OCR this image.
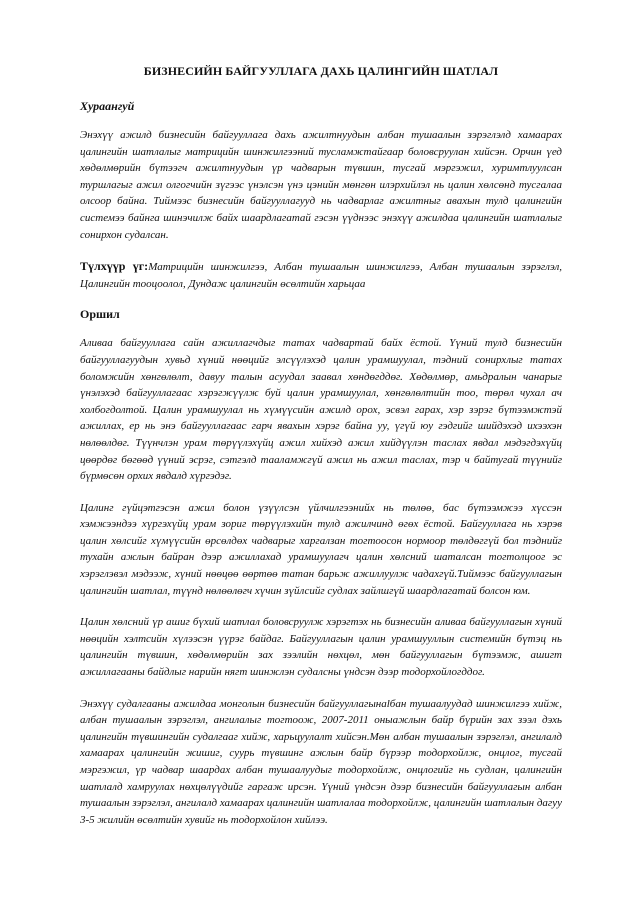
БИЗНЕСИЙН БАЙГУУЛЛАГА ДАХЬ ЦАЛИНГИЙН ШАТЛАЛ
Хураангуй

Энэхүү ажилд бизнесийн байгууллага дахь ажилтнуудын албан тушаалын зэрэглэлд хамаарах цалингийн шатлалыг матрицийн шинжилгээний тусламжтайгаар боловсруулан хийсэн. Орчин үед хөдөлмөрийн бүтээгч ажилтнуудын үр чадварын түвшин, тусгай мэргэжил, хуримтлуулсан туршлагыг ажил олгогчийн зүгээс үнэлсэн үнэ цэнийн мөнгөн илэрхийлэл нь цалин хөлсөнд тусгалаа олсоор байна. Тиймээс бизнесийн байгууллагууд нь чадварлаг ажилтныг авахын тулд цалингийн системээ байнга шинэчилж байх шаардлагатай гэсэн үүднээс энэхүү ажилдаа цалингийн шатлалыг сонирхон судалсан.

Түлхүүр үг:Матрицийн шинжилгээ, Албан тушаалын шинжилгээ, Албан тушаалын зэрэглэл, Цалингийн тооцоолол, Дундаж цалингийн өсөлтийн харьцаа

Оршил

Аливаа байгууллага сайн ажиллагчдыг татах чадвартай байх ёстой. Үүний тулд бизнесийн байгууллагуудын хувьд хүний нөөцийг элсүүлэхэд цалин урамшуулал, тэдний сонирхлыг татах боломжийн хөнгөлөлт, давуу талын асуудал заавал хөндөгддөг. Хөдөлмөр, амьдралын чанарыг үнэлэхэд байгууллагаас хэрэгжүүлж буй цалин урамшуулал, хөнгөлөлтийн тоо, төрөл чухал ач холбогдолтой. Цалин урамшуулал нь хүмүүсийн ажилд орох, эсвэл гарах, хэр зэрэг бүтээмжтэй ажиллах, ер нь энэ байгууллагаас гарч явахын хэрэг байна уу, үгүй юу гэдгийг шийдэхэд ихээхэн нөлөөлдөг. Түүнчлэн урам төрүүлэхүйц ажил хийхэд ажил хийдүүлэн таслах явдал мэдэгдэхүйц цөөрдөг бөгөөд үүний эсрэг, сэтгэлд тааламжгүй ажил нь ажил таслах, тэр ч байтугай түүнийг бүрмөсөн орхих явдалд хүргэдэг.

Цалинг гүйцэтгэсэн ажил болон үзүүлсэн үйлчилгээнийх нь төлөө, бас бүтээмжээ хүссэн хэмжээндээ хүргэхүйц урам зориг төрүүлэхийн тулд ажилчинд өгөх ёстой. Байгууллага нь хэрэв цалин хөлсийг хүмүүсийн өрсөлдөх чадварыг харгалзан тогтоосон нормоор төлдөггүй бол тэднийг тухайн ажлын байран дээр ажиллахад урамшуулагч цалин хөлсний шаталсан тогтолцоог эс хэрэглэвэл мэдээж, хүний нөөцөө өөртөө татан барьж ажиллуулж чадахгүй.Тиймээс байгууллагын цалингийн шатлал, түүнд нөлөөлөгч хүчин зүйлсийг судлах зайлшгүй шаардлагатай болсон юм.

Цалин хөлсний үр ашиг бүхий шатлал боловсруулж хэрэгтэх нь бизнесийн аливаа байгууллагын хүний нөөцийн хэлтсийн хүлээсэн үүрэг байдаг. Байгууллагын цалин урамшууллын системийн бүтэц нь цалингийн түвшин, хөдөлмөрийн зах зээлийн нөхцөл, мөн байгууллагын бүтээмж, ашигт ажиллагааны байдлыг нарийн нягт шинжлэн судалсны үндсэн дээр тодорхойлогддог.

Энэхүү судалгааны ажилдаа монголын бизнесийн байгууллагынаlбан тушаалуудад шинжилгээ хийж, албан тушаалын зэрэглэл, ангилалыг тогтоож, 2007-2011 оныажлын байр бүрийн зах зээл дэхь цалингийн түвшингийн судалгааг хийж, харьцуулалт хийсэн.Мөн албан тушаалын зэрэглэл, ангилалд хамаарах цалингийн жишиг, суурь түвшинг ажлын байр бүрээр тодорхойлж, онцлог, тусгай мэргэжил, үр чадвар шаардах албан тушаалуудыг тодорхойлж, онцлогийг нь судлан, цалингийн шатлалд хамруулах нөхцөлүүдийг гаргаж ирсэн. Үүний үндсэн дээр бизнесийн байгууллагын албан тушаалын зэрэглэл, ангилалд хамаарах цалингийн шатлалаа тодорхойлж, цалингийн шатлалын дагуу 3-5 жилийн өсөлтийн хувийг нь тодорхойлон хийлээ.
